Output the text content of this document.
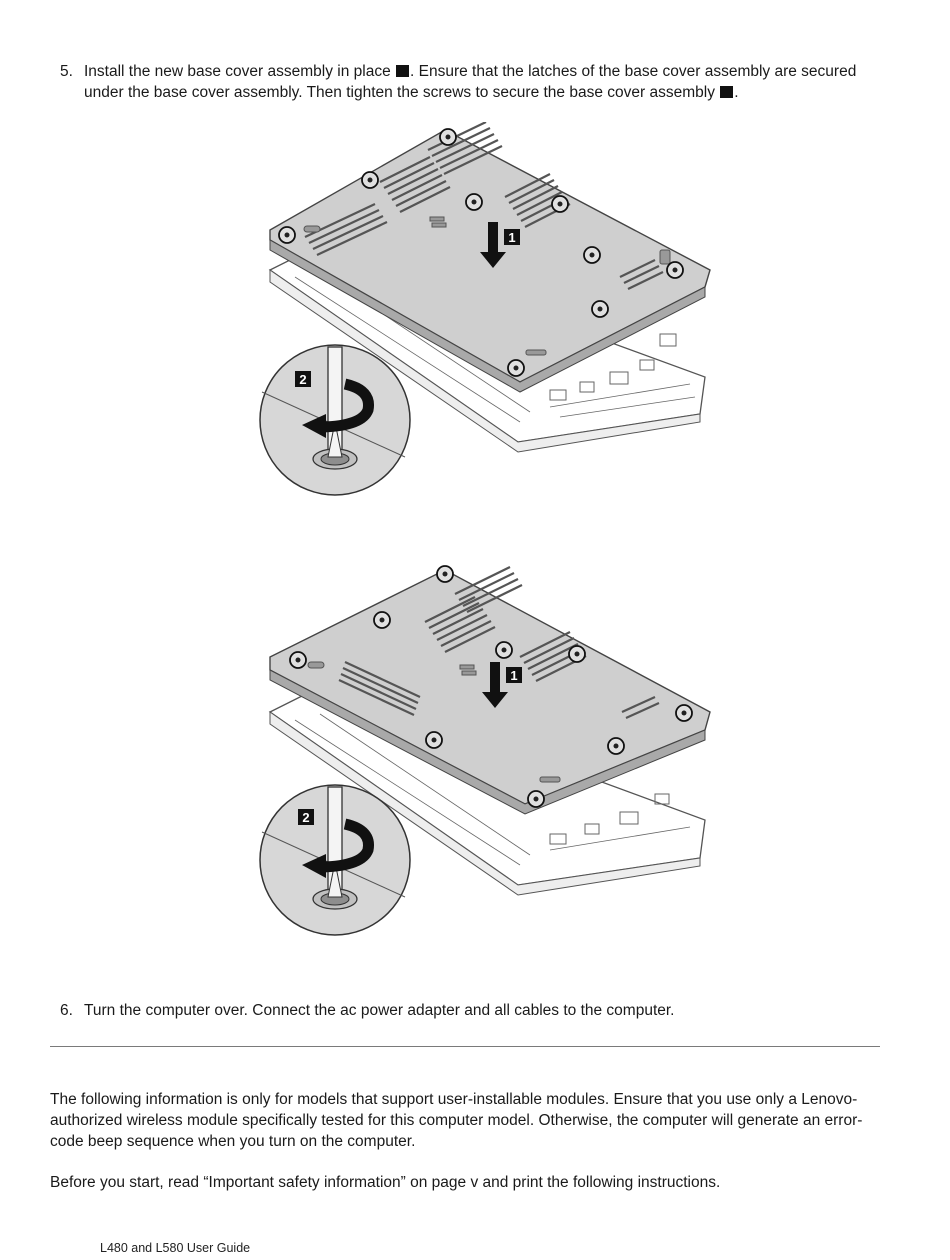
5. Install the new base cover assembly in place . Ensure that the latches of the base cover assembly are secured under the base cover assembly. Then tighten the screws to secure the base cover assembly .
1
2
1
2
6. Turn the computer over. Connect the ac power adapter and all cables to the computer.
The following information is only for models that support user-installable modules. Ensure that you use only a Lenovo-authorized wireless module specifically tested for this computer model. Otherwise, the computer will generate an error-code beep sequence when you turn on the computer.
Before you start, read “Important safety information” on page v and print the following instructions.
L480 and L580 User Guide
